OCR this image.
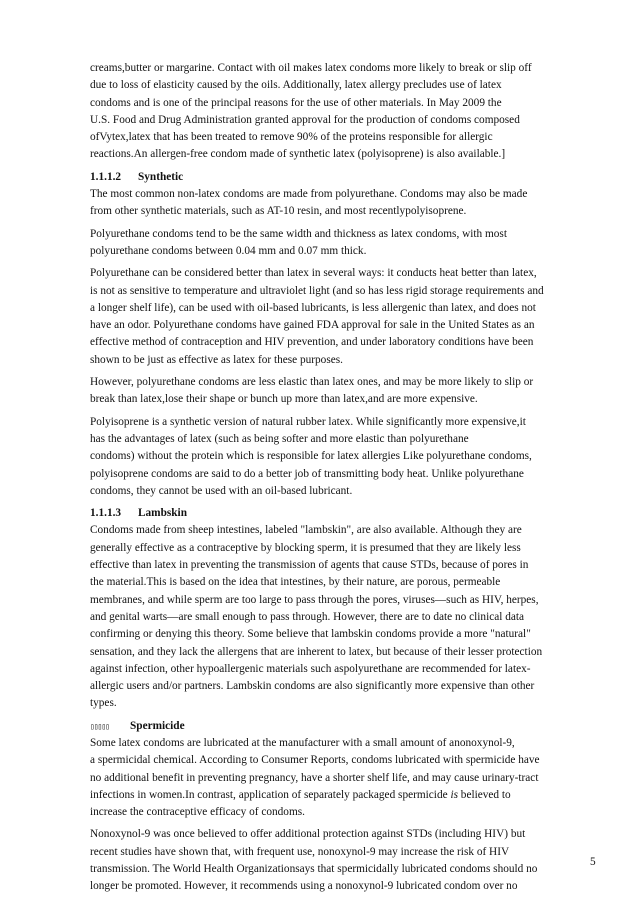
creams,butter or margarine. Contact with oil makes latex condoms more likely to break or slip off
due to loss of elasticity caused by the oils. Additionally, latex allergy precludes use of latex
condoms and is one of the principal reasons for the use of other materials. In May 2009 the
U.S. Food and Drug Administration granted approval for the production of condoms composed
ofVytex,latex that has been treated to remove 90% of the proteins responsible for allergic
reactions.An allergen-free condom made of synthetic latex (polyisoprene) is also available.]

1.1.1.2 Synthetic

The most common non-latex condoms are made from polyurethane. Condoms may also be made
from other synthetic materials, such as AT-10 resin, and most recentlypolyisoprene.

Polyurethane condoms tend to be the same width and thickness as latex condoms, with most
polyurethane condoms between 0.04 mm and 0.07 mm thick.

Polyurethane can be considered better than latex in several ways: it conducts heat better than latex,
is not as sensitive to temperature and ultraviolet light (and so has less rigid storage requirements and
a longer shelf life), can be used with oil-based lubricants, is less allergenic than latex, and does not
have an odor. Polyurethane condoms have gained FDA approval for sale in the United States as an
effective method of contraception and HIV prevention, and under laboratory conditions have been
shown to be just as effective as latex for these purposes.

However, polyurethane condoms are less elastic than latex ones, and may be more likely to slip or
break than latex,lose their shape or bunch up more than latex,and are more expensive.

Polyisoprene is a synthetic version of natural rubber latex. While significantly more expensive,it
has the advantages of latex (such as being softer and more elastic than polyurethane
condoms) without the protein which is responsible for latex allergies Like polyurethane condoms,
polyisoprene condoms are said to do a better job of transmitting body heat. Unlike polyurethane
condoms, they cannot be used with an oil-based lubricant.

1.1.1.3 Lambskin

Condoms made from sheep intestines, labeled "lambskin", are also available. Although they are
generally effective as a contraceptive by blocking sperm, it is presumed that they are likely less
effective than latex in preventing the transmission of agents that cause STDs, because of pores in
the material.This is based on the idea that intestines, by their nature, are porous, permeable
membranes, and while sperm are too large to pass through the pores, viruses—such as HIV, herpes,
and genital warts—are small enough to pass through. However, there are to date no clinical data
confirming or denying this theory. Some believe that lambskin condoms provide a more "natural"
sensation, and they lack the allergens that are inherent to latex, but because of their lesser protection
against infection, other hypoallergenic materials such aspolyurethane are recommended for latex-
allergic users and/or partners. Lambskin condoms are also significantly more expensive than other
types.

▯▯▯▯▯ Spermicide

Some latex condoms are lubricated at the manufacturer with a small amount of anonoxynol-9,
a spermicidal chemical. According to Consumer Reports, condoms lubricated with spermicide have
no additional benefit in preventing pregnancy, have a shorter shelf life, and may cause urinary-tract
infections in women.In contrast, application of separately packaged spermicide is believed to
increase the contraceptive efficacy of condoms.

Nonoxynol-9 was once believed to offer additional protection against STDs (including HIV) but
recent studies have shown that, with frequent use, nonoxynol-9 may increase the risk of HIV
transmission. The World Health Organizationsays that spermicidally lubricated condoms should no
longer be promoted. However, it recommends using a nonoxynol-9 lubricated condom over no

5
